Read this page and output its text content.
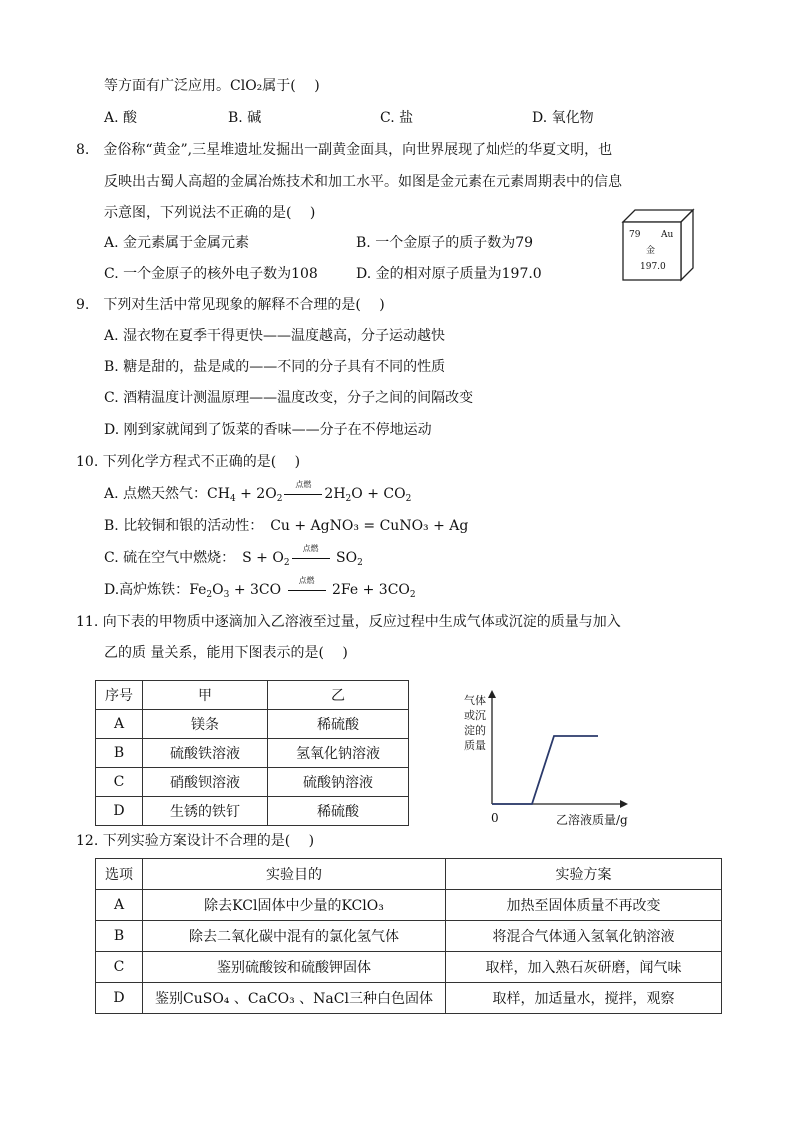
等方面有广泛应用。ClO₂属于(　 )
A. 酸	B. 碱	C. 盐	D. 氧化物
8.　金俗称“黄金”,三星堆遗址发掘出一副黄金面具，向世界展现了灿烂的华夏文明，也
反映出古蜀人高超的金属冶炼技术和加工水平。如图是金元素在元素周期表中的信息
示意图，下列说法不正确的是(　 )
A. 金元素属于金属元素	B. 一个金原子的质子数为79
C. 一个金原子的核外电子数为108	D. 金的相对原子质量为197.0
79 Au
金
197.0
9.　下列对生活中常见现象的解释不合理的是(　 )
A. 湿衣物在夏季干得更快——温度越高，分子运动越快
B. 糖是甜的，盐是咸的——不同的分子具有不同的性质
C. 酒精温度计测温原理——温度改变，分子之间的间隔改变
D. 刚到家就闻到了饭菜的香味——分子在不停地运动
10. 下列化学方程式不正确的是(　 )
A. 点燃天然气：$CH_4 + 2O_2$
点燃
$2H_2O + CO_2$
B. 比较铜和银的活动性：　Cu + AgNO₃ = CuNO₃ + Ag
C. 硫在空气中燃烧：　$S + O_2$
点燃
$SO_2$
D.高炉炼铁：$Fe_2O_3 + 3CO$
点燃
$2Fe + 3CO_2$
11. 向下表的甲物质中逐滴加入乙溶液至过量，反应过程中生成气体或沉淀的质量与加入
乙的质 量关系，能用下图表示的是(　 )
序号	甲	乙
A	镁条	稀硫酸
B	硫酸铁溶液	氢氧化钠溶液
C	硝酸钡溶液	硫酸钠溶液
D	生锈的铁钉	稀硫酸
气体
或沉
淀的
质量
0	乙溶液质量/g
12. 下列实验方案设计不合理的是(　 )
选项	实验目的	实验方案
A	除去KCl固体中少量的KClO₃	加热至固体质量不再改变
B	除去二氧化碳中混有的氯化氢气体	将混合气体通入氢氧化钠溶液
C	鉴别硫酸铵和硫酸钾固体	取样，加入熟石灰研磨，闻气味
D	鉴别CuSO₄ 、CaCO₃ 、NaCl三种白色固体	取样，加适量水，搅拌，观察
